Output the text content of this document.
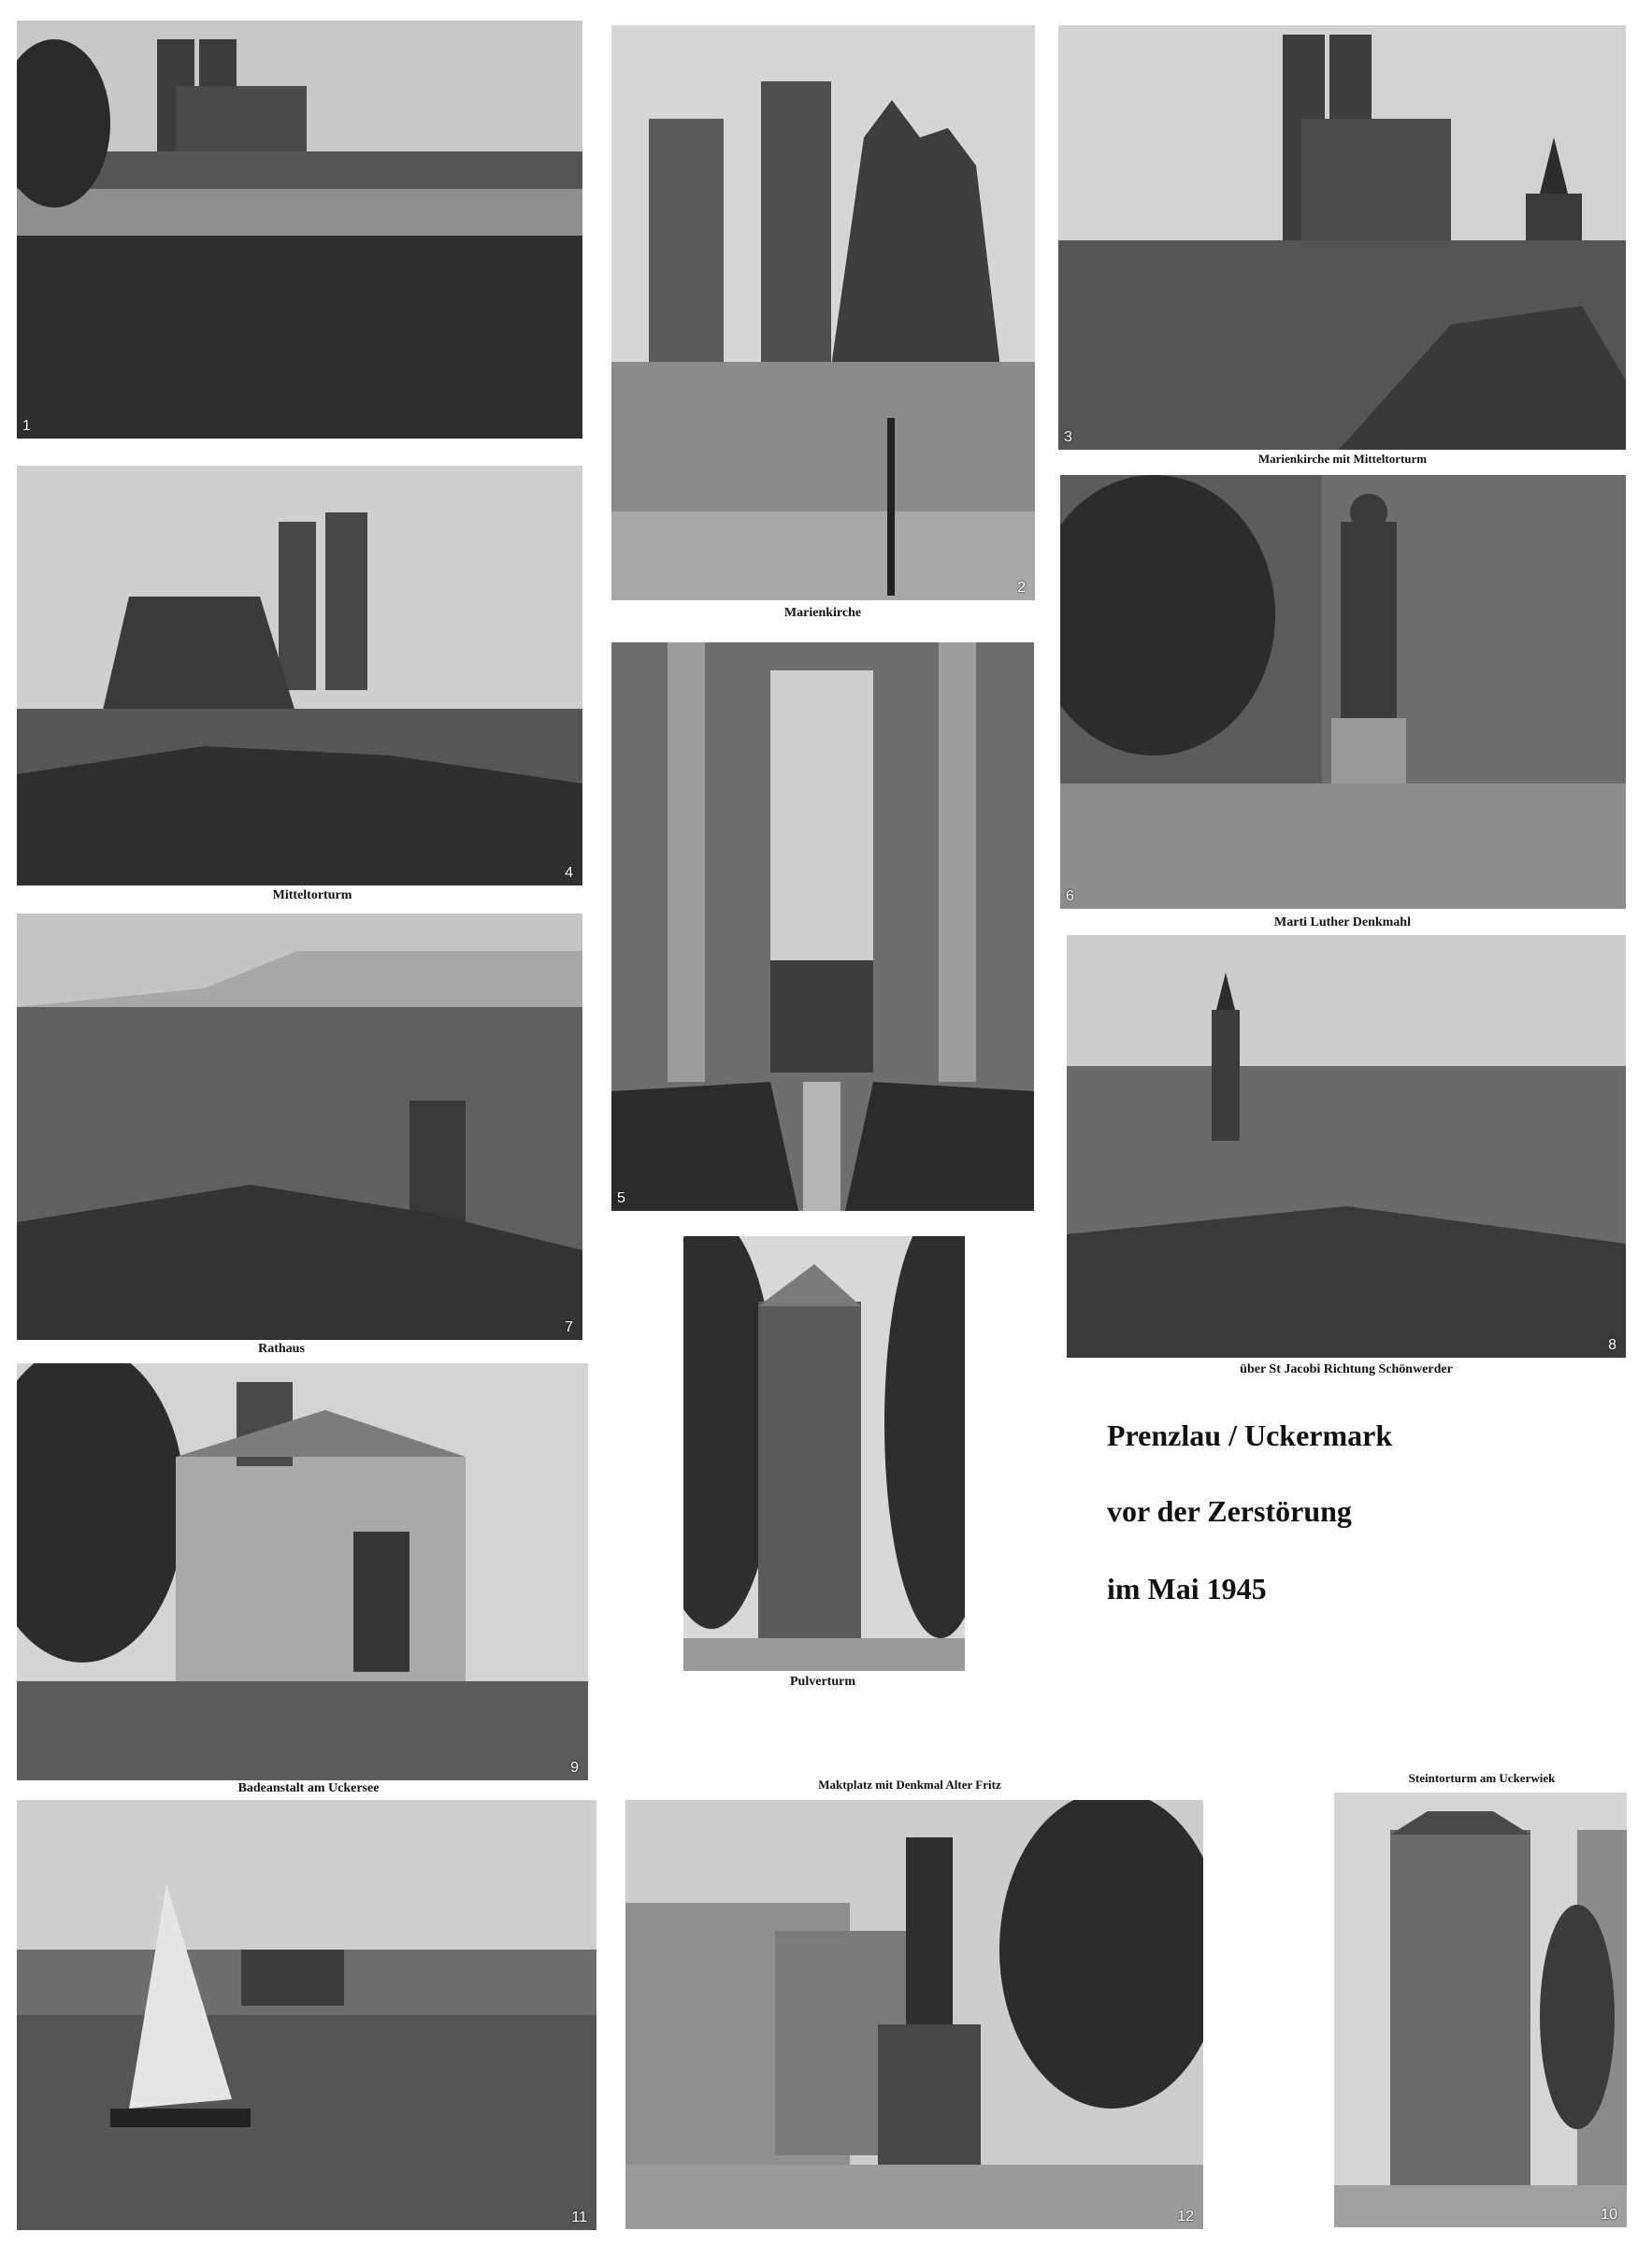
1
2
Marienkirche
3
Marienkirche mit Mitteltorturm
4
Mitteltorturm
5
6
Marti Luther Denkmahl
7
Rathaus	8
über St Jacobi Richtung Schönwerder
Prenzlau / Uckermark
vor der Zerstörung
im Mai 1945
Pulverturm
9
Badeanstalt am Uckersee
11
Maktplatz mit Denkmal Alter Fritz
12
Steintorturm am Uckerwiek
10
